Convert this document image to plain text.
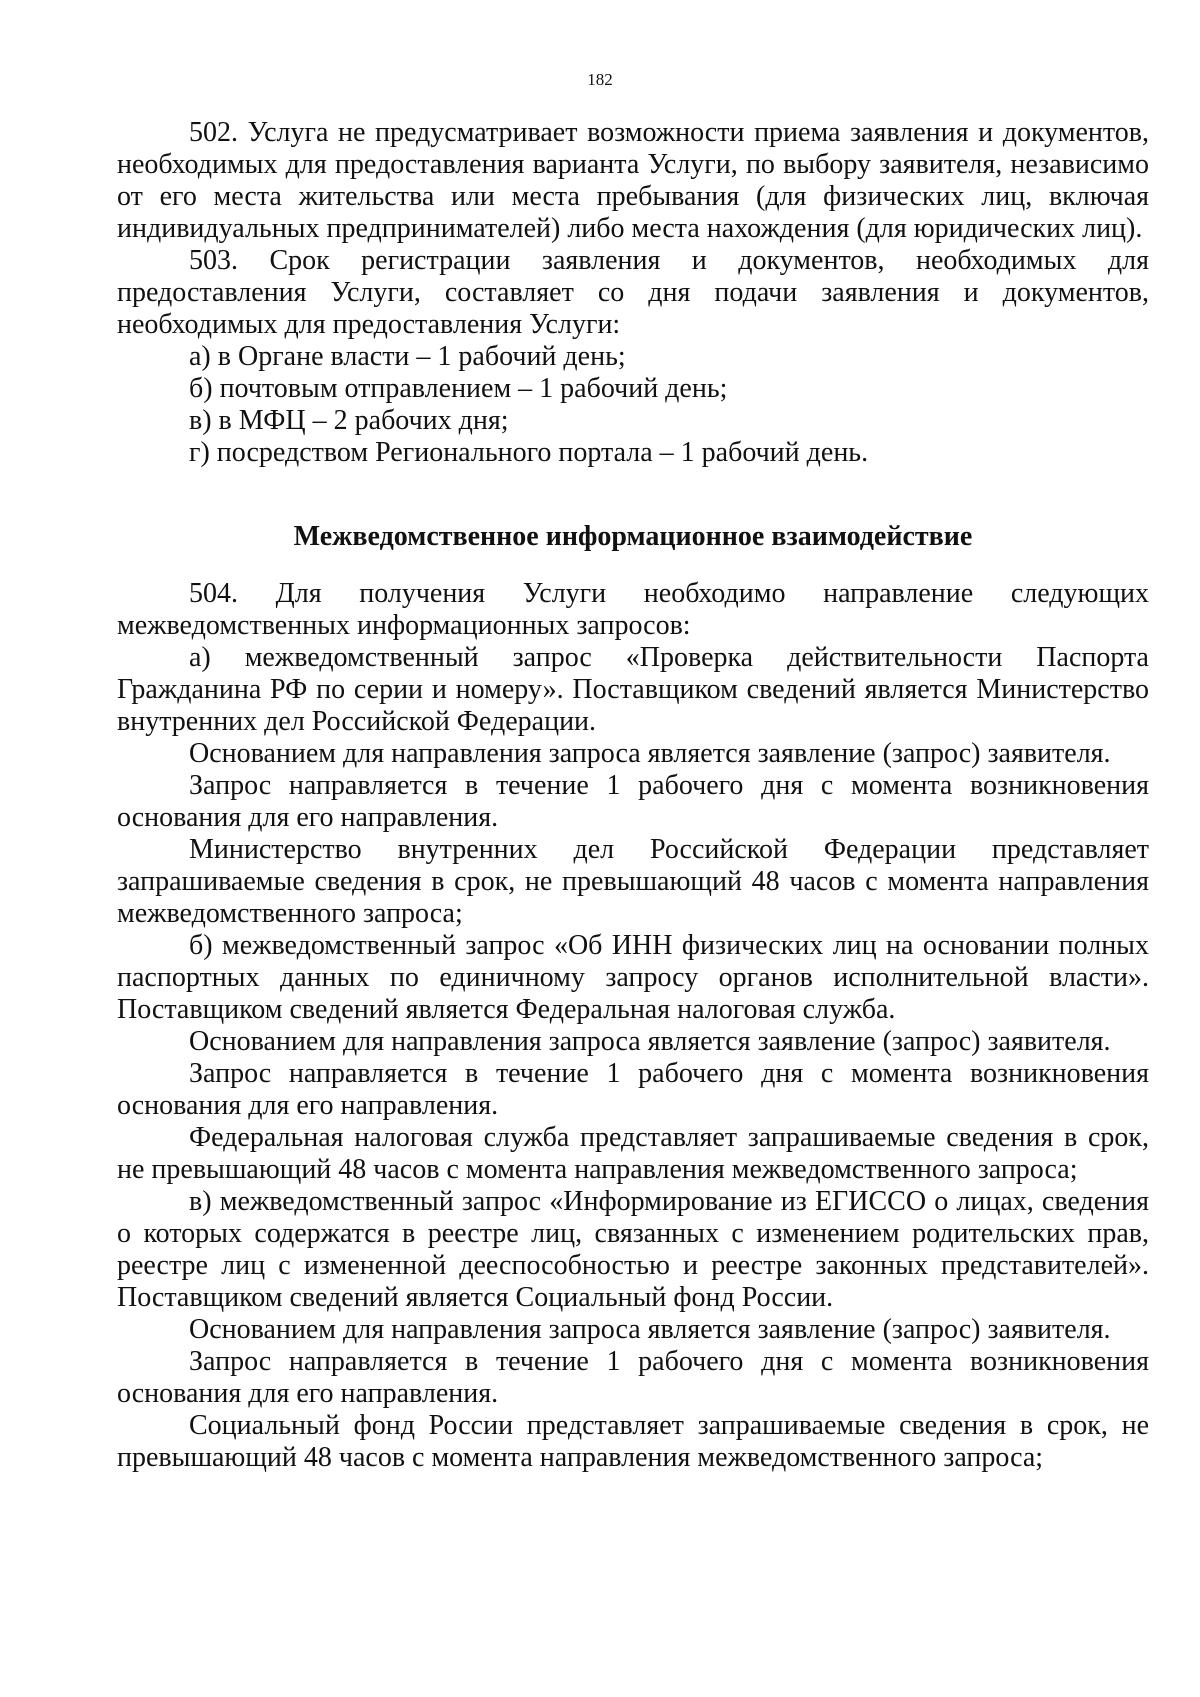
182

502. Услуга не предусматривает возможности приема заявления и документов, необходимых для предоставления варианта Услуги, по выбору заявителя, независимо от его места жительства или места пребывания (для физических лиц, включая индивидуальных предпринимателей) либо места нахождения (для юридических лиц).

503. Срок регистрации заявления и документов, необходимых для предоставления Услуги, составляет со дня подачи заявления и документов, необходимых для предоставления Услуги:

а) в Органе власти – 1 рабочий день;

б) почтовым отправлением – 1 рабочий день;

в) в МФЦ – 2 рабочих дня;

г) посредством Регионального портала – 1 рабочий день.

Межведомственное информационное взаимодействие

504. Для получения Услуги необходимо направление следующих межведомственных информационных запросов:

а) межведомственный запрос «Проверка действительности Паспорта Гражданина РФ по серии и номеру». Поставщиком сведений является Министерство внутренних дел Российской Федерации.

Основанием для направления запроса является заявление (запрос) заявителя.

Запрос направляется в течение 1 рабочего дня с момента возникновения основания для его направления.

Министерство внутренних дел Российской Федерации представляет запрашиваемые сведения в срок, не превышающий 48 часов с момента направления межведомственного запроса;

б) межведомственный запрос «Об ИНН физических лиц на основании полных паспортных данных по единичному запросу органов исполнительной власти». Поставщиком сведений является Федеральная налоговая служба.

Основанием для направления запроса является заявление (запрос) заявителя.

Запрос направляется в течение 1 рабочего дня с момента возникновения основания для его направления.

Федеральная налоговая служба представляет запрашиваемые сведения в срок, не превышающий 48 часов с момента направления межведомственного запроса;

в) межведомственный запрос «Информирование из ЕГИССО о лицах, сведения о которых содержатся в реестре лиц, связанных с изменением родительских прав, реестре лиц с измененной дееспособностью и реестре законных представителей». Поставщиком сведений является Социальный фонд России.

Основанием для направления запроса является заявление (запрос) заявителя.

Запрос направляется в течение 1 рабочего дня с момента возникновения основания для его направления.

Социальный фонд России представляет запрашиваемые сведения в срок, не превышающий 48 часов с момента направления межведомственного запроса;
